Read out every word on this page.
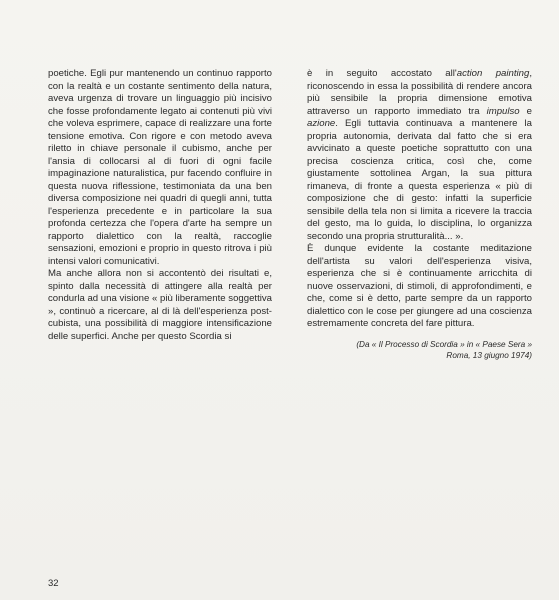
poetiche. Egli pur mantenendo un continuo rapporto con la realtà e un costante sentimento della natura, aveva urgenza di trovare un linguaggio più incisivo che fosse profondamente legato ai contenuti più vivi che voleva esprimere, capace di realizzare una forte tensione emotiva. Con rigore e con metodo aveva riletto in chiave personale il cubismo, anche per l'ansia di collocarsi al di fuori di ogni facile impaginazione naturalistica, pur facendo confluire in questa nuova riflessione, testimoniata da una ben diversa composizione nei quadri di quegli anni, tutta l'esperienza precedente e in particolare la sua profonda certezza che l'opera d'arte ha sempre un rapporto dialettico con la realtà, raccoglie sensazioni, emozioni e proprio in questo ritrova i più intensi valori comunicativi.

Ma anche allora non si accontentò dei risultati e, spinto dalla necessità di attingere alla realtà per condurla ad una visione « più liberamente soggettiva », continuò a ricercare, al di là dell'esperienza post-cubista, una possibilità di maggiore intensificazione delle superfici. Anche per questo Scordia si

è in seguito accostato all'action painting, riconoscendo in essa la possibilità di rendere ancora più sensibile la propria dimensione emotiva attraverso un rapporto immediato tra impulso e azione. Egli tuttavia continuava a mantenere la propria autonomia, derivata dal fatto che si era avvicinato a queste poetiche soprattutto con una precisa coscienza critica, così che, come giustamente sottolinea Argan, la sua pittura rimaneva, di fronte a questa esperienza « più di composizione che di gesto: infatti la superficie sensibile della tela non si limita a ricevere la traccia del gesto, ma lo guida, lo disciplina, lo organizza secondo una propria strutturalità... ».

È dunque evidente la costante meditazione dell'artista su valori dell'esperienza visiva, esperienza che si è continuamente arricchita di nuove osservazioni, di stimoli, di approfondimenti, e che, come si è detto, parte sempre da un rapporto dialettico con le cose per giungere ad una coscienza estremamente concreta del fare pittura.

(Da « Il Processo di Scordia » in « Paese Sera »
Roma, 13 giugno 1974)
32
